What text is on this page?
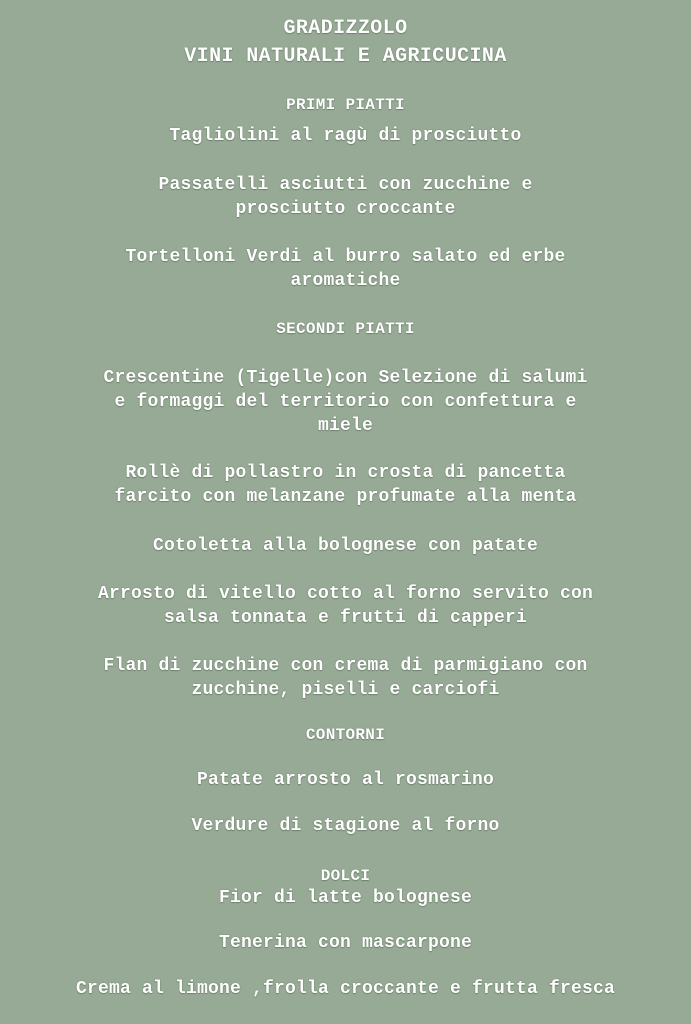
GRADIZZOLO
VINI NATURALI E AGRICUCINA
PRIMI PIATTI
Tagliolini al ragù di prosciutto
Passatelli asciutti con zucchine e
prosciutto croccante
Tortelloni Verdi al burro salato ed erbe
aromatiche
SECONDI PIATTI
Crescentine (Tigelle)con Selezione di salumi
e formaggi del territorio con confettura e
miele
Rollè di pollastro in crosta di pancetta
farcito con melanzane profumate alla menta
Cotoletta alla bolognese con patate
Arrosto di vitello cotto al forno servito con
salsa tonnata e frutti di capperi
Flan di zucchine con crema di parmigiano con
zucchine, piselli e carciofi
CONTORNI
Patate arrosto al rosmarino
Verdure di stagione al forno
DOLCI
Fior di latte bolognese
Tenerina con mascarpone
Crema al limone ,frolla croccante e frutta fresca
